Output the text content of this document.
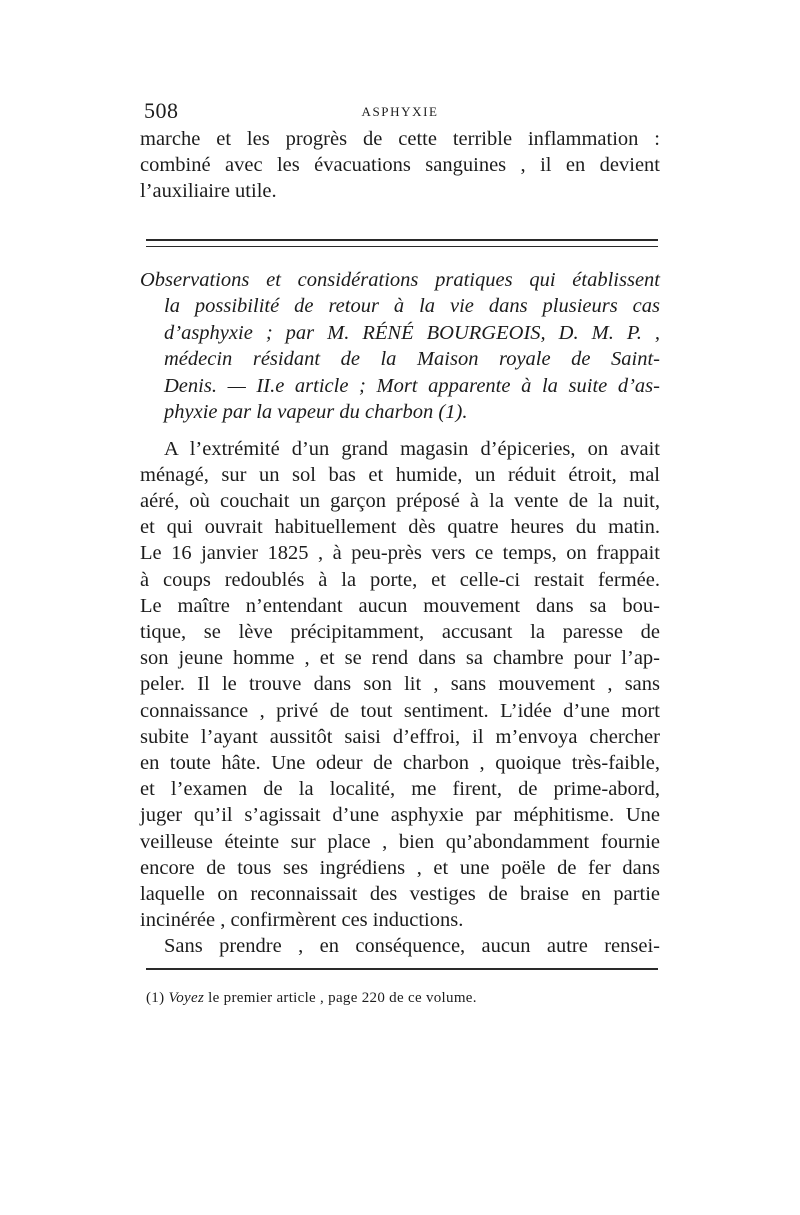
508	ASPHYXIE
marche et les progrès de cette terrible inflammation :
combiné avec les évacuations sanguines , il en devient
l’auxiliaire utile.
Observations et considérations pratiques qui établissent
la possibilité de retour à la vie dans plusieurs cas
d’asphyxie ; par M. RÉNÉ BOURGEOIS, D. M. P. ,
médecin résidant de la Maison royale de Saint-
Denis. — II.e article ; Mort apparente à la suite d’as-
phyxie par la vapeur du charbon (1).
A l’extrémité d’un grand magasin d’épiceries, on avait
ménagé, sur un sol bas et humide, un réduit étroit, mal
aéré, où couchait un garçon préposé à la vente de la nuit,
et qui ouvrait habituellement dès quatre heures du matin.
Le 16 janvier 1825 , à peu-près vers ce temps, on frappait
à coups redoublés à la porte, et celle-ci restait fermée.
Le maître n’entendant aucun mouvement dans sa bou-
tique, se lève précipitamment, accusant la paresse de
son jeune homme , et se rend dans sa chambre pour l’ap-
peler. Il le trouve dans son lit , sans mouvement , sans
connaissance , privé de tout sentiment. L’idée d’une mort
subite l’ayant aussitôt saisi d’effroi, il m’envoya chercher
en toute hâte. Une odeur de charbon , quoique très-faible,
et l’examen de la localité, me firent, de prime-abord,
juger qu’il s’agissait d’une asphyxie par méphitisme. Une
veilleuse éteinte sur place , bien qu’abondamment fournie
encore de tous ses ingrédiens , et une poële de fer dans
laquelle on reconnaissait des vestiges de braise en partie
incinérée , confirmèrent ces inductions.
Sans prendre , en conséquence, aucun autre rensei-
(1) Voyez le premier article , page 220 de ce volume.
